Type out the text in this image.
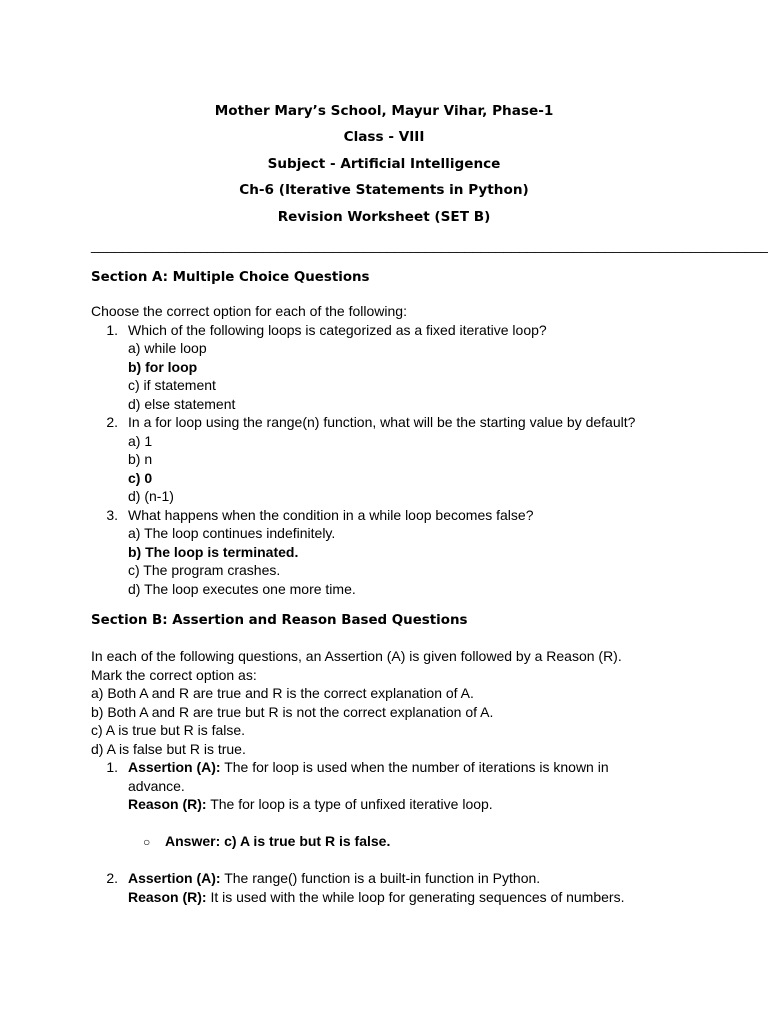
Mother Mary’s School, Mayur Vihar, Phase-1
Class - VIII
Subject - Artificial Intelligence
Ch-6 (Iterative Statements in Python)
Revision Worksheet (SET B)
_______________________________________________________________________________________
Section A: Multiple Choice Questions
Choose the correct option for each of the following:
1. Which of the following loops is categorized as a fixed iterative loop?
a) while loop
b) for loop
c) if statement
d) else statement
2. In a for loop using the range(n) function, what will be the starting value by default?
a) 1
b) n
c) 0
d) (n-1)
3. What happens when the condition in a while loop becomes false?
a) The loop continues indefinitely.
b) The loop is terminated.
c) The program crashes.
d) The loop executes one more time.
Section B: Assertion and Reason Based Questions
In each of the following questions, an Assertion (A) is given followed by a Reason (R).
Mark the correct option as:
a) Both A and R are true and R is the correct explanation of A.
b) Both A and R are true but R is not the correct explanation of A.
c) A is true but R is false.
d) A is false but R is true.
1. Assertion (A): The for loop is used when the number of iterations is known in
advance.
Reason (R): The for loop is a type of unfixed iterative loop.
○ Answer: c) A is true but R is false.
2. Assertion (A): The range() function is a built-in function in Python.
Reason (R): It is used with the while loop for generating sequences of numbers.
